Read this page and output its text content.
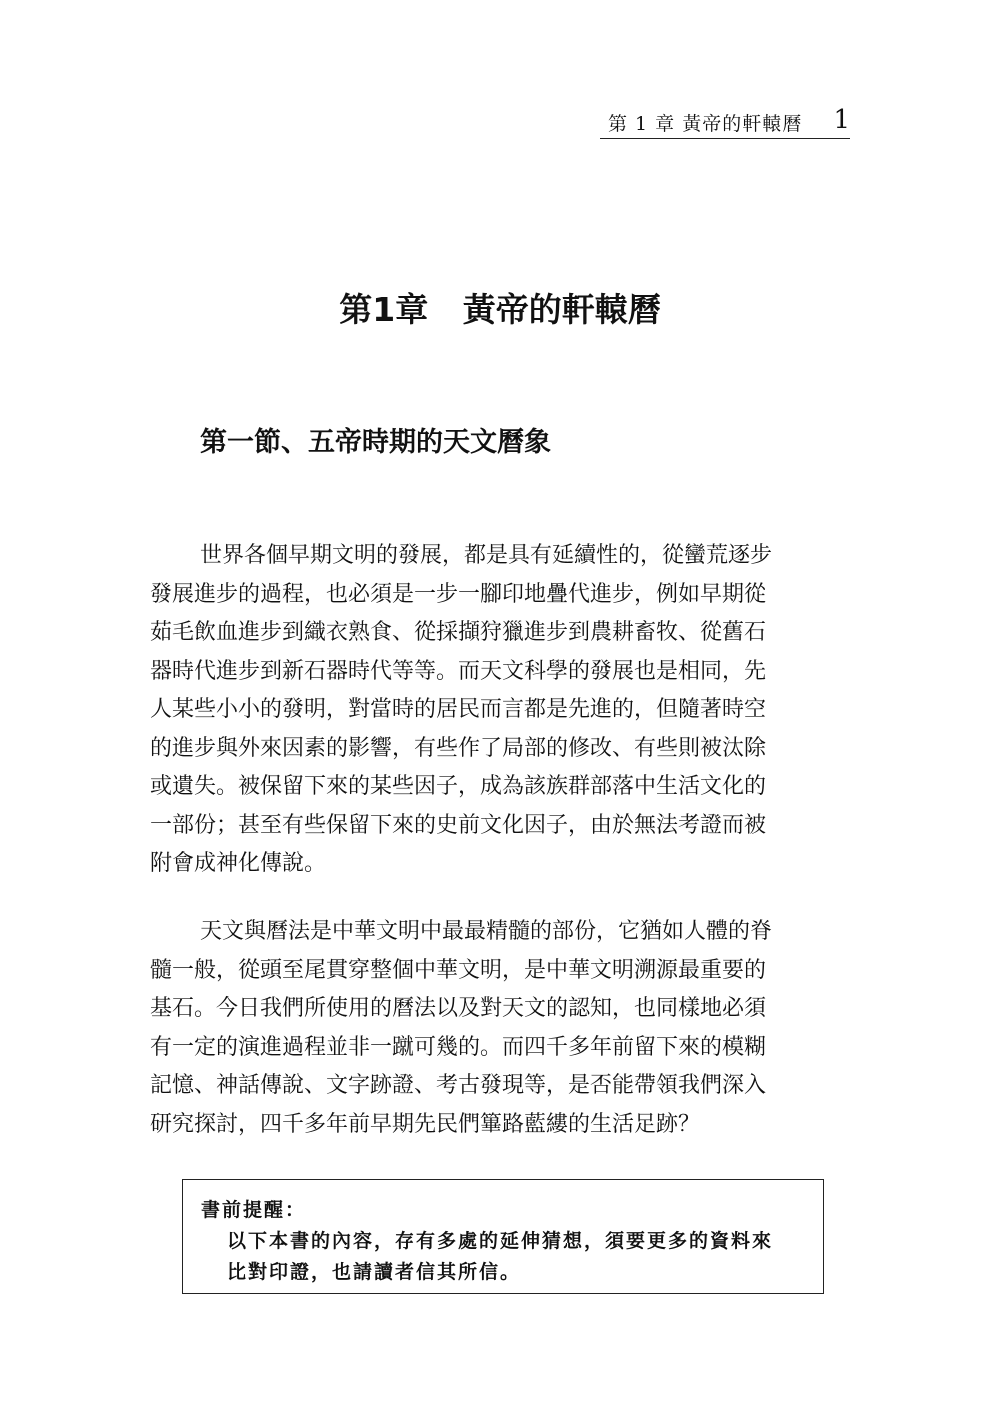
第 1 章 黃帝的軒轅曆 1
第1章   黃帝的軒轅曆
第一節、五帝時期的天文曆象
世界各個早期文明的發展，都是具有延續性的，從蠻荒逐步
發展進步的過程，也必須是一步一腳印地疊代進步，例如早期從
茹毛飲血進步到織衣熟食、從採擷狩獵進步到農耕畜牧、從舊石
器時代進步到新石器時代等等。而天文科學的發展也是相同，先
人某些小小的發明，對當時的居民而言都是先進的，但隨著時空
的進步與外來因素的影響，有些作了局部的修改、有些則被汰除
或遺失。被保留下來的某些因子，成為該族群部落中生活文化的
一部份；甚至有些保留下來的史前文化因子，由於無法考證而被
附會成神化傳說。
天文與曆法是中華文明中最最精髓的部份，它猶如人體的脊
髓一般，從頭至尾貫穿整個中華文明，是中華文明溯源最重要的
基石。今日我們所使用的曆法以及對天文的認知，也同樣地必須
有一定的演進過程並非一蹴可幾的。而四千多年前留下來的模糊
記憶、神話傳說、文字跡證、考古發現等，是否能帶領我們深入
研究探討，四千多年前早期先民們篳路藍縷的生活足跡？
書前提醒：
以下本書的內容，存有多處的延伸猜想，須要更多的資料來
比對印證，也請讀者信其所信。
